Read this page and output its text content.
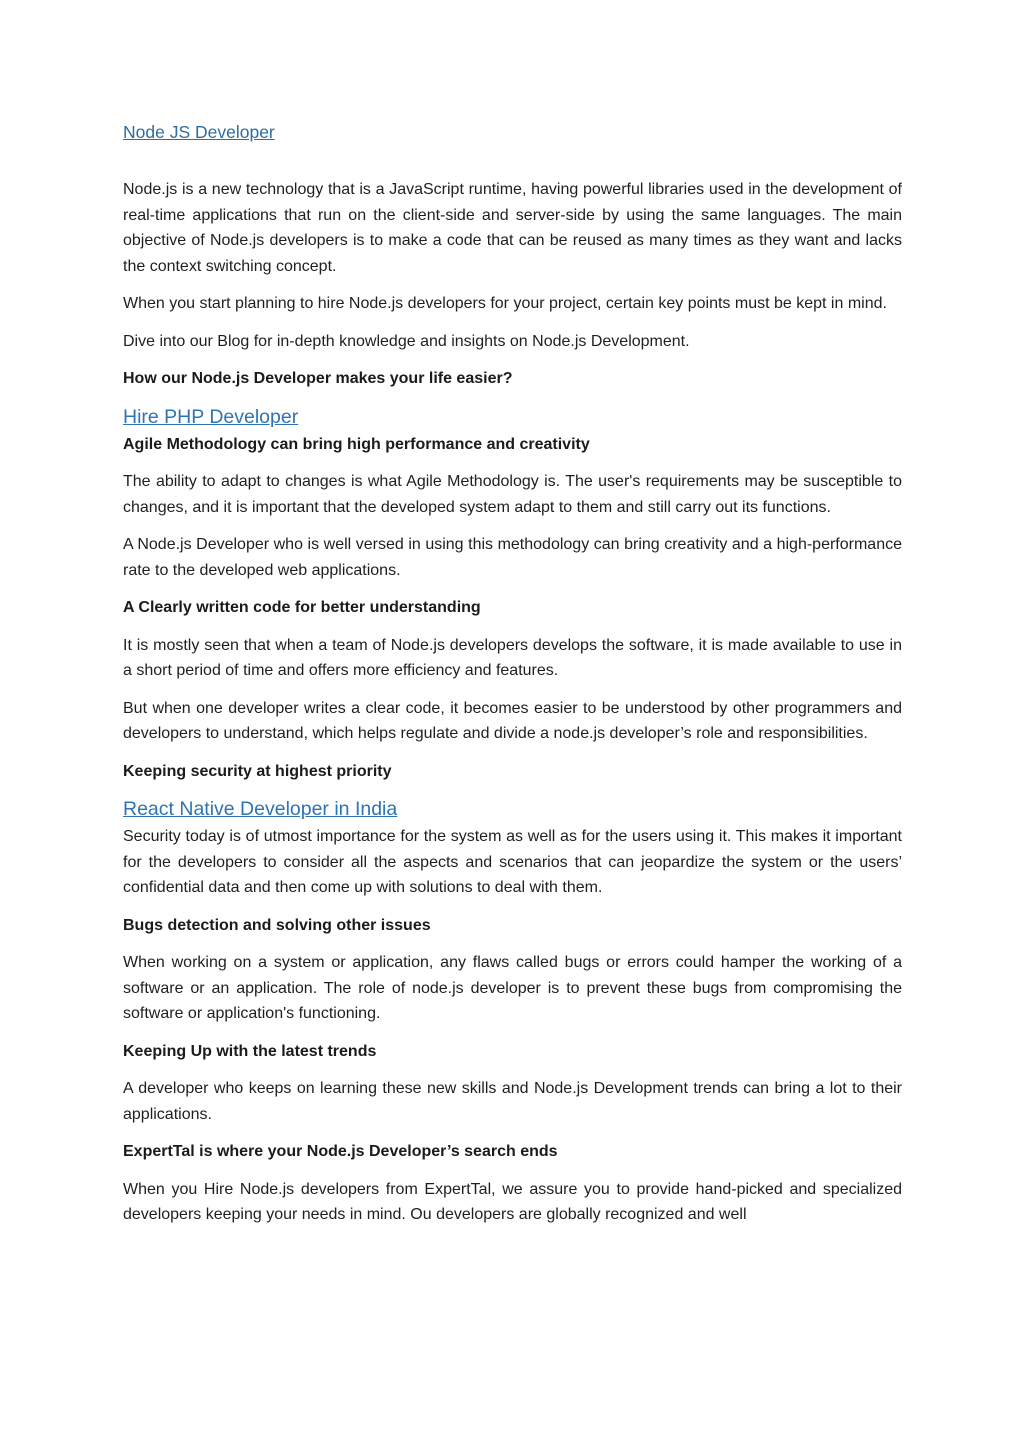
Node JS Developer

Node.js is a new technology that is a JavaScript runtime, having powerful libraries used in the development of real-time applications that run on the client-side and server-side by using the same languages. The main objective of Node.js developers is to make a code that can be reused as many times as they want and lacks the context switching concept.

When you start planning to hire Node.js developers for your project, certain key points must be kept in mind.

Dive into our Blog for in-depth knowledge and insights on Node.js Development.

How our Node.js Developer makes your life easier?

Hire PHP Developer

Agile Methodology can bring high performance and creativity

The ability to adapt to changes is what Agile Methodology is. The user's requirements may be susceptible to changes, and it is important that the developed system adapt to them and still carry out its functions.

A Node.js Developer who is well versed in using this methodology can bring creativity and a high-performance rate to the developed web applications.

A Clearly written code for better understanding

It is mostly seen that when a team of Node.js developers develops the software, it is made available to use in a short period of time and offers more efficiency and features.

But when one developer writes a clear code, it becomes easier to be understood by other programmers and developers to understand, which helps regulate and divide a node.js developer’s role and responsibilities.

Keeping security at highest priority

React Native Developer in India

Security today is of utmost importance for the system as well as for the users using it. This makes it important for the developers to consider all the aspects and scenarios that can jeopardize the system or the users’ confidential data and then come up with solutions to deal with them.

Bugs detection and solving other issues

When working on a system or application, any flaws called bugs or errors could hamper the working of a software or an application. The role of node.js developer is to prevent these bugs from compromising the software or application's functioning.

Keeping Up with the latest trends

A developer who keeps on learning these new skills and Node.js Development trends can bring a lot to their applications.

ExpertTal is where your Node.js Developer’s search ends

When you Hire Node.js developers from ExpertTal, we assure you to provide hand-picked and specialized developers keeping your needs in mind. Ou developers are globally recognized and well
